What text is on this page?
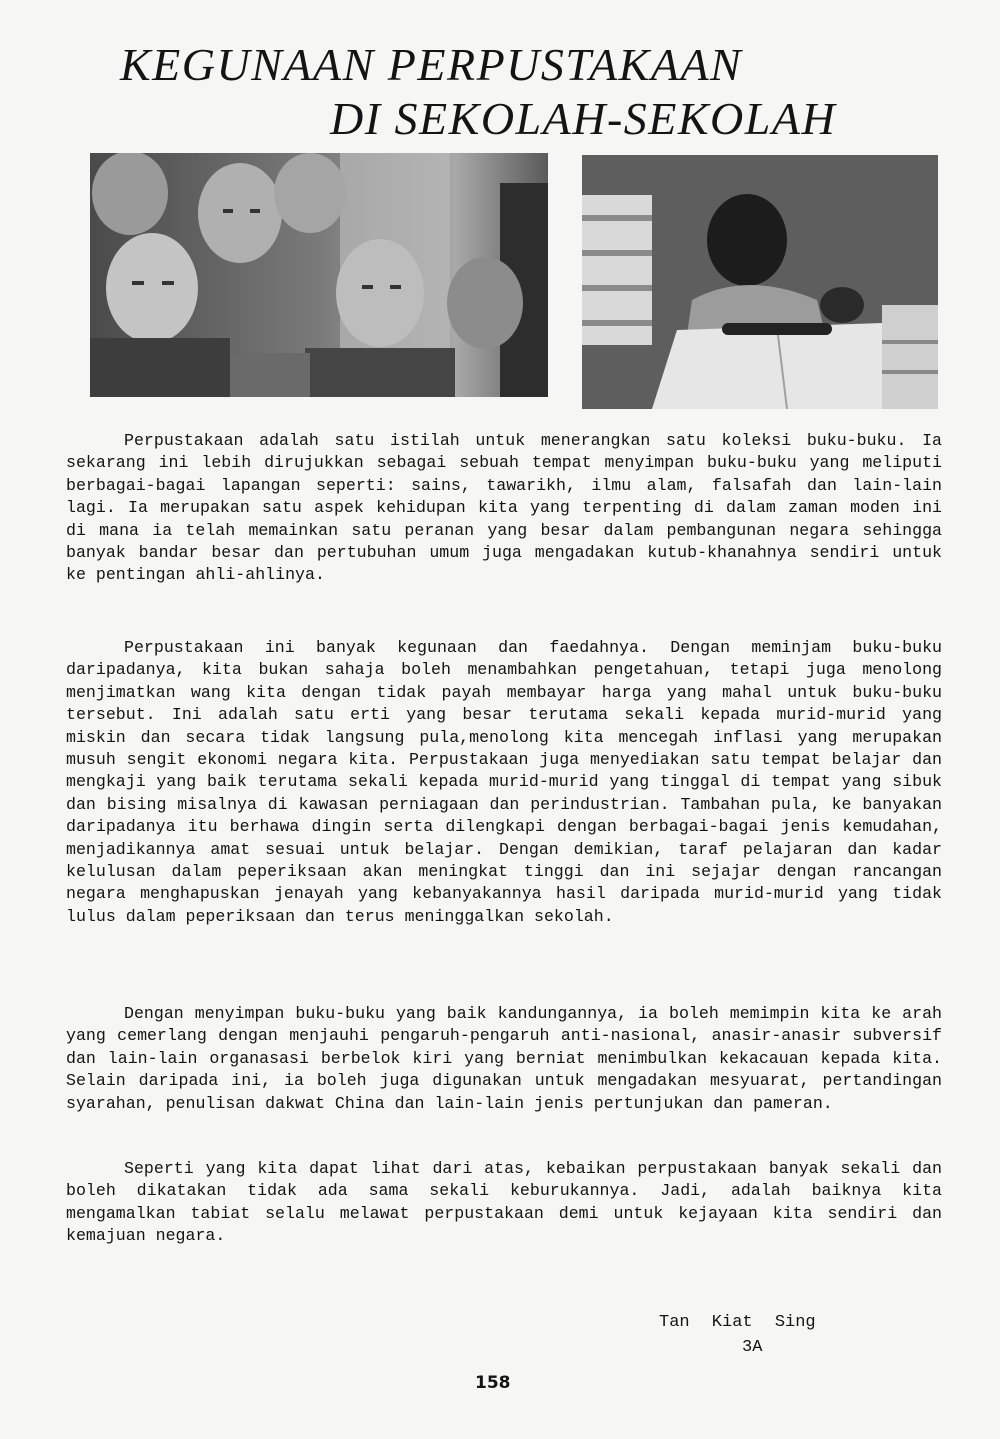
KEGUNAAN PERPUSTAKAAN
DI SEKOLAH-SEKOLAH

Perpustakaan adalah satu istilah untuk menerangkan satu koleksi buku-buku. Ia sekarang ini lebih dirujukkan sebagai sebuah tempat menyimpan buku-buku yang meliputi berbagai-bagai lapangan seperti: sains, tawarikh, ilmu alam, falsafah dan lain-lain lagi. Ia merupakan satu aspek kehidupan kita yang terpenting di dalam zaman moden ini di mana ia telah memainkan satu peranan yang besar dalam pembangunan negara sehingga banyak bandar besar dan pertubuhan umum juga mengadakan kutub-khanahnya sendiri untuk ke pentingan ahli-ahlinya.

Perpustakaan ini banyak kegunaan dan faedahnya. Dengan meminjam buku-buku daripadanya, kita bukan sahaja boleh menambahkan pengetahuan, tetapi juga menolong menjimatkan wang kita dengan tidak payah membayar harga yang mahal untuk buku-buku tersebut. Ini adalah satu erti yang besar terutama sekali kepada murid-murid yang miskin dan secara tidak langsung pula,menolong kita mencegah inflasi yang merupakan musuh sengit ekonomi negara kita. Perpustakaan juga menyediakan satu tempat belajar dan mengkaji yang baik terutama sekali kepada murid-murid yang tinggal di tempat yang sibuk dan bising misalnya di kawasan perniagaan dan perindustrian. Tambahan pula, ke banyakan daripadanya itu berhawa dingin serta dilengkapi dengan berbagai-bagai jenis kemudahan, menjadikannya amat sesuai untuk belajar. Dengan demikian, taraf pelajaran dan kadar kelulusan dalam peperiksaan akan meningkat tinggi dan ini sejajar dengan rancangan negara menghapuskan jenayah yang kebanyakannya hasil daripada murid-murid yang tidak lulus dalam peperiksaan dan terus meninggalkan sekolah.

Dengan menyimpan buku-buku yang baik kandungannya, ia boleh memimpin kita ke arah yang cemerlang dengan menjauhi pengaruh-pengaruh anti-nasional, anasir-anasir subversif dan lain-lain organasasi berbelok kiri yang berniat menimbulkan kekacauan kepada kita. Selain daripada ini, ia boleh juga digunakan untuk mengadakan mesyuarat, pertandingan syarahan, penulisan dakwat China dan lain-lain jenis pertunjukan dan pameran.

Seperti yang kita dapat lihat dari atas, kebaikan perpustakaan banyak sekali dan boleh dikatakan tidak ada sama sekali keburukannya. Jadi, adalah baiknya kita mengamalkan tabiat selalu melawat perpustakaan demi untuk kejayaan kita sendiri dan kemajuan negara.

Tan Kiat Sing
3A
158
